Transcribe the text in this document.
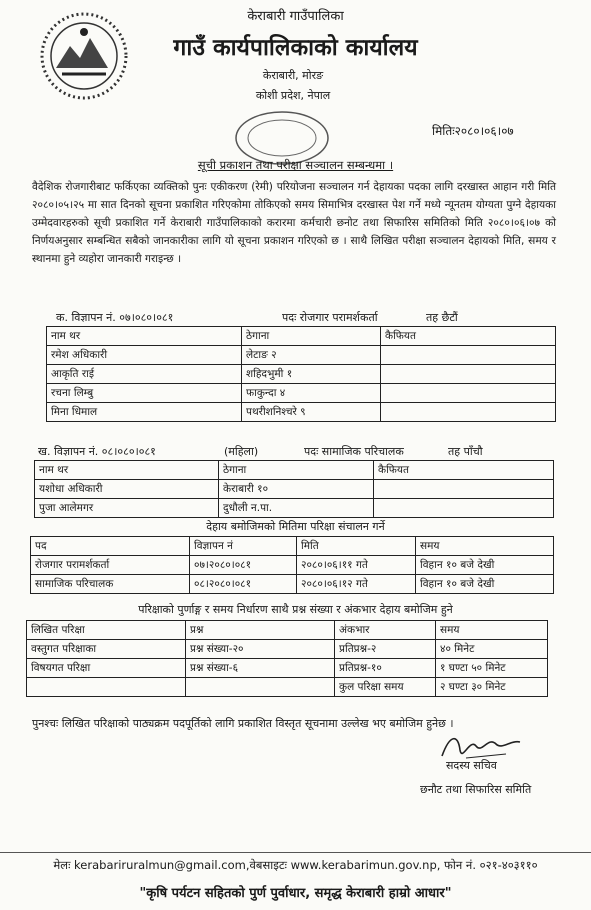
केराबारी गाउँपालिका
गाउँ कार्यपालिकाको कार्यालय
केराबारी, मोरङ
कोशी प्रदेश, नेपाल
मितिः२०८०।०६।०७
सूची प्रकाशन तथा परीक्षा सञ्चालन सम्बन्धमा ।
वैदेशिक रोजगारीबाट फर्किएका व्यक्तिको पुनः एकीकरण (रेमी) परियोजना सञ्चालन गर्न देहायका पदका लागि दरखास्त आहान गरी मिति २०८०।०५।२५ मा सात दिनको सूचना प्रकाशित गरिएकोमा तोकिएको समय सिमाभित्र दरखास्त पेश गर्ने मध्ये न्यूनतम योग्यता पुग्ने देहायका उम्मेदवारहरुको सूची प्रकाशित गर्ने केराबारी गाउँपालिकाको करारमा कर्मचारी छनोट तथा सिफारिस समितिको मिति २०८०।०६।०७ को निर्णयअनुसार सम्बन्धित सबैको जानकारीका लागि यो सूचना प्रकाशन गरिएको छ । साथै लिखित परीक्षा सञ्चालन देहायको मिति, समय र स्थानमा हुने व्यहोरा जानकारी गराइन्छ ।
क. विज्ञापन नं. ०७।०८०।०८१	पदः रोजगार परामर्शकर्ता	तह छैटौं
नाम थर	ठेगाना	कैफियत
रमेश अधिकारी	लेटाङ २	
आकृति राई	शहिदभुमी १	
रचना लिम्बु	फाकुन्दा ४	
मिना धिमाल	पथरीशनिश्चरे ९	
ख. विज्ञापन नं. ०८।०८०।०८१	(महिला)	पदः सामाजिक परिचालक	तह पाँचौ
नाम थर	ठेगाना	कैफियत
यशोधा अधिकारी	केराबारी १०	
पुजा आलेमगर	दुधौली न.पा.	
देहाय बमोजिमको मितिमा परिक्षा संचालन गर्ने
पद	विज्ञापन नं	मिति	समय
रोजगार परामर्शकर्ता	०७।२०८०।०८१	२०८०।०६।११ गते	विहान १० बजे देखी
सामाजिक परिचालक	०८।२०८०।०८१	२०८०।०६।१२ गते	विहान १० बजे देखी
परिक्षाको पुर्णाङ्ग र समय निर्धारण साथै प्रश्न संख्या र अंकभार देहाय बमोजिम हुने
लिखित परिक्षा	प्रश्न	अंकभार	समय
वस्तुगत परिक्षाका	प्रश्न संख्या-२०	प्रतिप्रश्न-२	४० मिनेट
विषयगत परिक्षा	प्रश्न संख्या-६	प्रतिप्रश्न-१०	१ घण्टा ५० मिनेट
		कुल परिक्षा समय	२ घण्टा ३० मिनेट
पुनश्चः लिखित परिक्षाको पाठ्यक्रम पदपूर्तिको लागि प्रकाशित विस्तृत सूचनामा उल्लेख भए बमोजिम हुनेछ ।
सदस्य सचिव
छनौट तथा सिफारिस समिति
मेलः kerabariruralmun@gmail.com,वेबसाइटः www.kerabarimun.gov.np, फोन नं. ०२१-४०३११०
"कृषि पर्यटन सहितको पुर्ण पुर्वाधार, समृद्ध केराबारी हाम्रो आधार"
